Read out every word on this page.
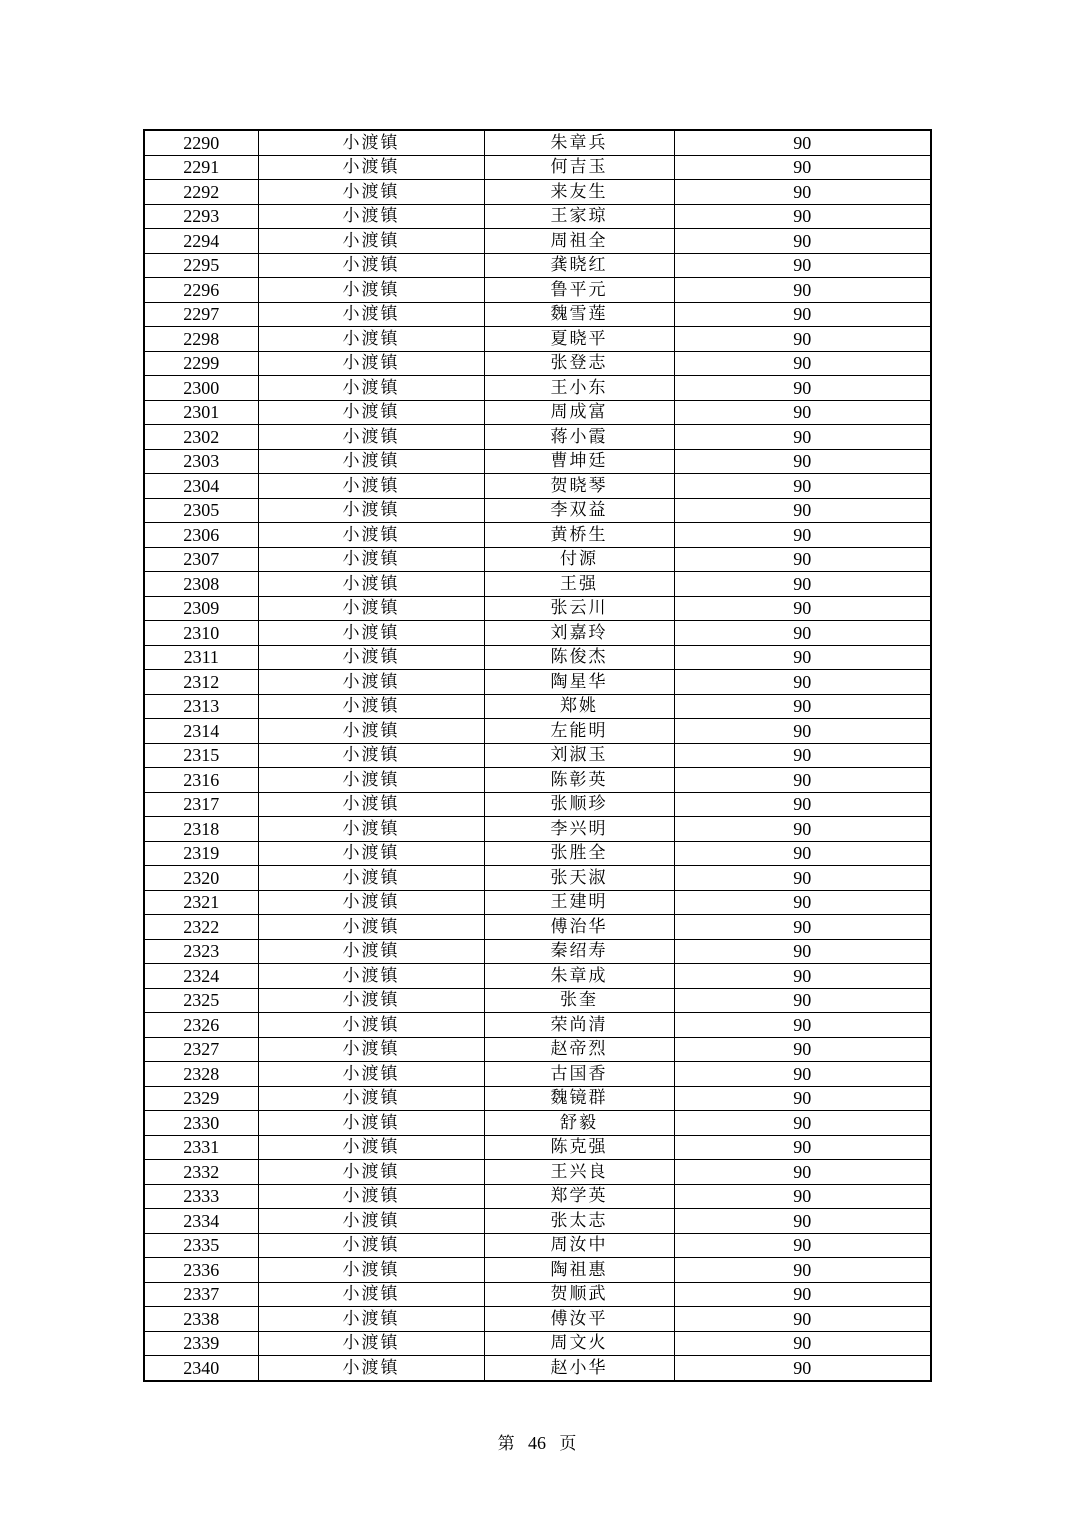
2290	小渡镇	朱章兵	90
2291	小渡镇	何吉玉	90
2292	小渡镇	来友生	90
2293	小渡镇	王家琼	90
2294	小渡镇	周祖全	90
2295	小渡镇	龚晓红	90
2296	小渡镇	鲁平元	90
2297	小渡镇	魏雪莲	90
2298	小渡镇	夏晓平	90
2299	小渡镇	张登志	90
2300	小渡镇	王小东	90
2301	小渡镇	周成富	90
2302	小渡镇	蒋小霞	90
2303	小渡镇	曹坤廷	90
2304	小渡镇	贺晓琴	90
2305	小渡镇	李双益	90
2306	小渡镇	黄桥生	90
2307	小渡镇	付源	90
2308	小渡镇	王强	90
2309	小渡镇	张云川	90
2310	小渡镇	刘嘉玲	90
2311	小渡镇	陈俊杰	90
2312	小渡镇	陶星华	90
2313	小渡镇	郑姚	90
2314	小渡镇	左能明	90
2315	小渡镇	刘淑玉	90
2316	小渡镇	陈彰英	90
2317	小渡镇	张顺珍	90
2318	小渡镇	李兴明	90
2319	小渡镇	张胜全	90
2320	小渡镇	张天淑	90
2321	小渡镇	王建明	90
2322	小渡镇	傅治华	90
2323	小渡镇	秦绍寿	90
2324	小渡镇	朱章成	90
2325	小渡镇	张奎	90
2326	小渡镇	荣尚清	90
2327	小渡镇	赵帝烈	90
2328	小渡镇	古国香	90
2329	小渡镇	魏镜群	90
2330	小渡镇	舒毅	90
2331	小渡镇	陈克强	90
2332	小渡镇	王兴良	90
2333	小渡镇	郑学英	90
2334	小渡镇	张太志	90
2335	小渡镇	周汝中	90
2336	小渡镇	陶祖惠	90
2337	小渡镇	贺顺武	90
2338	小渡镇	傅汝平	90
2339	小渡镇	周文火	90
2340	小渡镇	赵小华	90
第 46 页
